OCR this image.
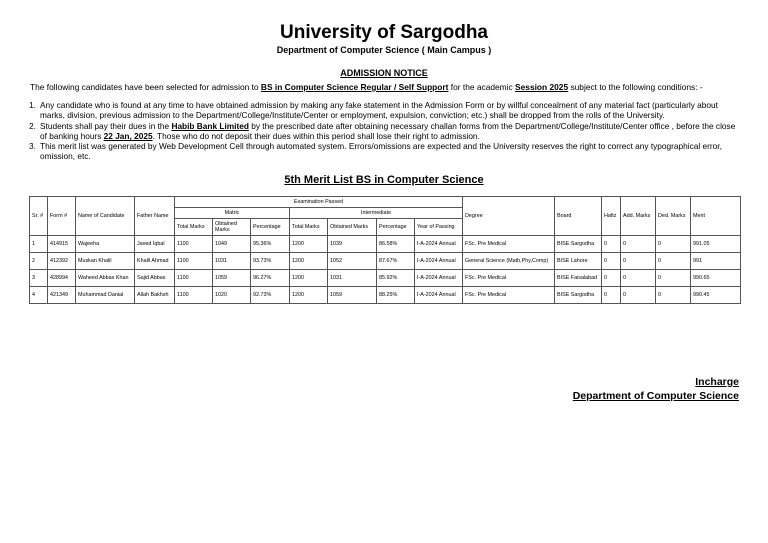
University of Sargodha
Department of Computer Science ( Main Campus )
ADMISSION NOTICE
The following candidates have been selected for admission to BS in Computer Science Regular / Self Support for the academic Session 2025 subject to the following conditions: -
1. Any candidate who is found at any time to have obtained admission by making any fake statement in the Admission Form or by willful concealment of any material fact (particularly about marks, division, previous admission to the Department/College/Institute/Center or employment, expulsion, conviction; etc.) shall be dropped from the rolls of the University.
2. Students shall pay their dues in the Habib Bank Limited by the prescribed date after obtaining necessary challan forms from the Department/College/Institute/Center office , before the close of banking hours 22 Jan, 2025. Those who do not deposit their dues within this period shall lose their right to admission.
3. This merit list was generated by Web Development Cell through automated system. Errors/omissions are expected and the University reserves the right to correct any typographical error, omission, etc.
5th Merit List BS in Computer Science
Sr. #	Form #	Name of Candidate	Father Name	Examination Passed							Degree	Board	Hafiz	Add. Marks	Ded. Marks	Merit
				Matric			Intermediate									
				Total Marks	Obtained Marks	Percentage	Total Marks	Obtained Marks	Percentage	Year of Passing						
1	414915	Wajeeha	Javed Iqbal	1100	1049	95.36%	1200	1039	86.58%	I-A-2024 Annual	FSc. Pre Medical	BISE Sargodha	0	0	0	991.05
2	412392	Muskan Khalil	Khalil Ahmad	1100	1031	93.73%	1200	1052	87.67%	I-A-2024 Annual	General Science (Math,Phy,Comp)	BISE Lahore	0	0	0	991
3	428994	Waheed Abbas Khan	Sajid Abbas	1100	1059	96.27%	1200	1031	85.92%	I-A-2024 Annual	FSc. Pre Medical	BISE Faisalabad	0	0	0	990.65
4	421349	Muhammad Danial	Allah Bakhsh	1100	1020	92.73%	1200	1059	88.25%	I-A-2024 Annual	FSc. Pre Medical	BISE Sargodha	0	0	0	990.45
Incharge
Department of Computer Science
